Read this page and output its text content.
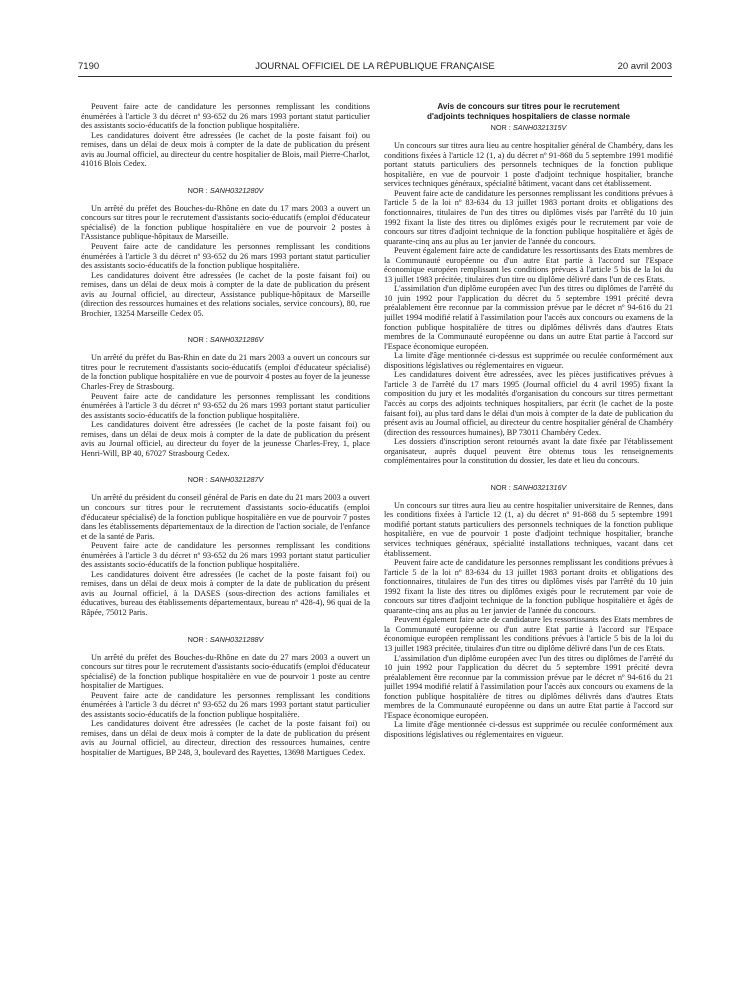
7190	JOURNAL OFFICIEL DE LA RÉPUBLIQUE FRANÇAISE	20 avril 2003

Peuvent faire acte de candidature les personnes remplissant les conditions énumérées à l'article 3 du décret nº 93-652 du 26 mars 1993 portant statut particulier des assistants socio-éducatifs de la fonction publique hospitalière.

Les candidatures doivent être adressées (le cachet de la poste faisant foi) ou remises, dans un délai de deux mois à compter de la date de publication du présent avis au Journal officiel, au directeur du centre hospitalier de Blois, mail Pierre-Charlot, 41016 Blois Cedex.

NOR : SANH0321280V

Un arrêté du préfet des Bouches-du-Rhône en date du 17 mars 2003 a ouvert un concours sur titres pour le recrutement d'assistants socio-éducatifs (emploi d'éducateur spécialisé) de la fonction publique hospitalière en vue de pourvoir 2 postes à l'Assistance publique-hôpitaux de Marseille.

Peuvent faire acte de candidature les personnes remplissant les conditions énumérées à l'article 3 du décret nº 93-652 du 26 mars 1993 portant statut particulier des assistants socio-éducatifs de la fonction publique hospitalière.

Les candidatures doivent être adressées (le cachet de la poste faisant foi) ou remises, dans un délai de deux mois à compter de la date de publication du présent avis au Journal officiel, au directeur, Assistance publique-hôpitaux de Marseille (direction des ressources humaines et des relations sociales, service concours), 80, rue Brochier, 13254 Marseille Cedex 05.

NOR : SANH0321286V

Un arrêté du préfet du Bas-Rhin en date du 21 mars 2003 a ouvert un concours sur titres pour le recrutement d'assistants socio-éducatifs (emploi d'éducateur spécialisé) de la fonction publique hospitalière en vue de pourvoir 4 postes au foyer de la jeunesse Charles-Frey de Strasbourg.

Peuvent faire acte de candidature les personnes remplissant les conditions énumérées à l'article 3 du décret nº 93-652 du 26 mars 1993 portant statut particulier des assistants socio-éducatifs de la fonction publique hospitalière.

Les candidatures doivent être adressées (le cachet de la poste faisant foi) ou remises, dans un délai de deux mois à compter de la date de publication du présent avis au Journal officiel, au directeur du foyer de la jeunesse Charles-Frey, 1, place Henri-Will, BP 40, 67027 Strasbourg Cedex.

NOR : SANH0321287V

Un arrêté du président du conseil général de Paris en date du 21 mars 2003 a ouvert un concours sur titres pour le recrutement d'assistants socio-éducatifs (emploi d'éducateur spécialisé) de la fonction publique hospitalière en vue de pourvoir 7 postes dans les établissements départementaux de la direction de l'action sociale, de l'enfance et de la santé de Paris.

Peuvent faire acte de candidature les personnes remplissant les conditions énumérées à l'article 3 du décret nº 93-652 du 26 mars 1993 portant statut particulier des assistants socio-éducatifs de la fonction publique hospitalière.

Les candidatures doivent être adressées (le cachet de la poste faisant foi) ou remises, dans un délai de deux mois à compter de la date de publication du présent avis au Journal officiel, à la DASES (sous-direction des actions familiales et éducatives, bureau des établissements départementaux, bureau nº 428-4), 96 quai de la Râpée, 75012 Paris.

NOR : SANH0321288V

Un arrêté du préfet des Bouches-du-Rhône en date du 27 mars 2003 a ouvert un concours sur titres pour le recrutement d'assistants socio-éducatifs (emploi d'éducateur spécialisé) de la fonction publique hospitalière en vue de pourvoir 1 poste au centre hospitalier de Martigues.

Peuvent faire acte de candidature les personnes remplissant les conditions énumérées à l'article 3 du décret nº 93-652 du 26 mars 1993 portant statut particulier des assistants socio-éducatifs de la fonction publique hospitalière.

Les candidatures doivent être adressées (le cachet de la poste faisant foi) ou remises, dans un délai de deux mois à compter de la date de publication du présent avis au Journal officiel, au directeur, direction des ressources humaines, centre hospitalier de Martigues, BP 248, 3, boulevard des Rayettes, 13698 Martigues Cedex.

Avis de concours sur titres pour le recrutement
d'adjoints techniques hospitaliers de classe normale
NOR : SANH0321315V

Un concours sur titres aura lieu au centre hospitalier général de Chambéry, dans les conditions fixées à l'article 12 (1, a) du décret nº 91-868 du 5 septembre 1991 modifié portant statuts particuliers des personnels techniques de la fonction publique hospitalière, en vue de pourvoir 1 poste d'adjoint technique hospitalier, branche services techniques généraux, spécialité bâtiment, vacant dans cet établissement.

Peuvent faire acte de candidature les personnes remplissant les conditions prévues à l'article 5 de la loi nº 83-634 du 13 juillet 1983 portant droits et obligations des fonctionnaires, titulaires de l'un des titres ou diplômes visés par l'arrêté du 10 juin 1992 fixant la liste des titres ou diplômes exigés pour le recrutement par voie de concours sur titres d'adjoint technique de la fonction publique hospitalière et âgés de quarante-cinq ans au plus au 1er janvier de l'année du concours.

Peuvent également faire acte de candidature les ressortissants des Etats membres de la Communauté européenne ou d'un autre Etat partie à l'accord sur l'Espace économique européen remplissant les conditions prévues à l'article 5 bis de la loi du 13 juillet 1983 précitée, titulaires d'un titre ou diplôme délivré dans l'un de ces Etats.

L'assimilation d'un diplôme européen avec l'un des titres ou diplômes de l'arrêté du 10 juin 1992 pour l'application du décret du 5 septembre 1991 précité devra préalablement être reconnue par la commission prévue par le décret nº 94-616 du 21 juillet 1994 modifié relatif à l'assimilation pour l'accès aux concours ou examens de la fonction publique hospitalière de titres ou diplômes délivrés dans d'autres Etats membres de la Communauté européenne ou dans un autre Etat partie à l'accord sur l'Espace économique européen.

La limite d'âge mentionnée ci-dessus est supprimée ou reculée conformément aux dispositions législatives ou réglementaires en vigueur.

Les candidatures doivent être adressées, avec les pièces justificatives prévues à l'article 3 de l'arrêté du 17 mars 1995 (Journal officiel du 4 avril 1995) fixant la composition du jury et les modalités d'organisation du concours sur titres permettant l'accès au corps des adjoints techniques hospitaliers, par écrit (le cachet de la poste faisant foi), au plus tard dans le délai d'un mois à compter de la date de publication du présent avis au Journal officiel, au directeur du centre hospitalier général de Chambéry (direction des ressources humaines), BP 73011 Chambéry Cedex.

Les dossiers d'inscription seront retournés avant la date fixée par l'établissement organisateur, auprès duquel peuvent être obtenus tous les renseignements complémentaires pour la constitution du dossier, les date et lieu du concours.

NOR : SANH0321316V

Un concours sur titres aura lieu au centre hospitalier universitaire de Rennes, dans les conditions fixées à l'article 12 (1, a) du décret nº 91-868 du 5 septembre 1991 modifié portant statuts particuliers des personnels techniques de la fonction publique hospitalière, en vue de pourvoir 1 poste d'adjoint technique hospitalier, branche services techniques généraux, spécialité installations techniques, vacant dans cet établissement.

Peuvent faire acte de candidature les personnes remplissant les conditions prévues à l'article 5 de la loi nº 83-634 du 13 juillet 1983 portant droits et obligations des fonctionnaires, titulaires de l'un des titres ou diplômes visés par l'arrêté du 10 juin 1992 fixant la liste des titres ou diplômes exigés pour le recrutement par voie de concours sur titres d'adjoint technique de la fonction publique hospitalière et âgés de quarante-cinq ans au plus au 1er janvier de l'année du concours.

Peuvent également faire acte de candidature les ressortissants des Etats membres de la Communauté européenne ou d'un autre Etat partie à l'accord sur l'Espace économique européen remplissant les conditions prévues à l'article 5 bis de la loi du 13 juillet 1983 précitée, titulaires d'un titre ou diplôme délivré dans l'un de ces Etats.

L'assimilation d'un diplôme européen avec l'un des titres ou diplômes de l'arrêté du 10 juin 1992 pour l'application du décret du 5 septembre 1991 précité devra préalablement être reconnue par la commission prévue par le décret nº 94-616 du 21 juillet 1994 modifié relatif à l'assimilation pour l'accès aux concours ou examens de la fonction publique hospitalière de titres ou diplômes délivrés dans d'autres Etats membres de la Communauté européenne ou dans un autre Etat partie à l'accord sur l'Espace économique européen.

La limite d'âge mentionnée ci-dessus est supprimée ou reculée conformément aux dispositions législatives ou réglementaires en vigueur.
